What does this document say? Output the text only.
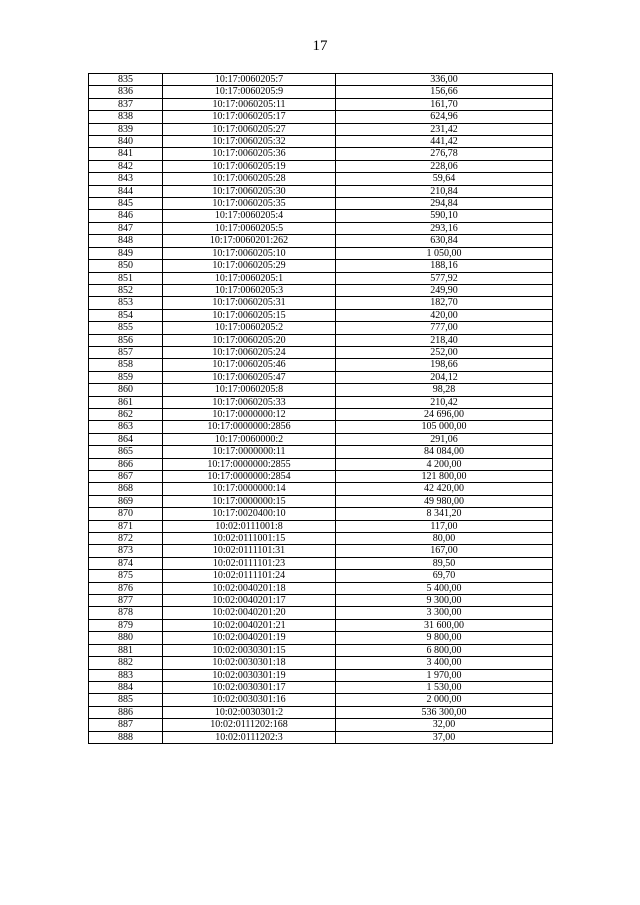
17
835	10:17:0060205:7	336,00
836	10:17:0060205:9	156,66
837	10:17:0060205:11	161,70
838	10:17:0060205:17	624,96
839	10:17:0060205:27	231,42
840	10:17:0060205:32	441,42
841	10:17:0060205:36	276,78
842	10:17:0060205:19	228,06
843	10:17:0060205:28	59,64
844	10:17:0060205:30	210,84
845	10:17:0060205:35	294,84
846	10:17:0060205:4	590,10
847	10:17:0060205:5	293,16
848	10:17:0060201:262	630,84
849	10:17:0060205:10	1 050,00
850	10:17:0060205:29	188,16
851	10:17:0060205:1	577,92
852	10:17:0060205:3	249,90
853	10:17:0060205:31	182,70
854	10:17:0060205:15	420,00
855	10:17:0060205:2	777,00
856	10:17:0060205:20	218,40
857	10:17:0060205:24	252,00
858	10:17:0060205:46	198,66
859	10:17:0060205:47	204,12
860	10:17:0060205:8	98,28
861	10:17:0060205:33	210,42
862	10:17:0000000:12	24 696,00
863	10:17:0000000:2856	105 000,00
864	10:17:0060000:2	291,06
865	10:17:0000000:11	84 084,00
866	10:17:0000000:2855	4 200,00
867	10:17:0000000:2854	121 800,00
868	10:17:0000000:14	42 420,00
869	10:17:0000000:15	49 980,00
870	10:17:0020400:10	8 341,20
871	10:02:0111001:8	117,00
872	10:02:0111001:15	80,00
873	10:02:0111101:31	167,00
874	10:02:0111101:23	89,50
875	10:02:0111101:24	69,70
876	10:02:0040201:18	5 400,00
877	10:02:0040201:17	9 300,00
878	10:02:0040201:20	3 300,00
879	10:02:0040201:21	31 600,00
880	10:02:0040201:19	9 800,00
881	10:02:0030301:15	6 800,00
882	10:02:0030301:18	3 400,00
883	10:02:0030301:19	1 970,00
884	10:02:0030301:17	1 530,00
885	10:02:0030301:16	2 000,00
886	10:02:0030301:2	536 300,00
887	10:02:0111202:168	32,00
888	10:02:0111202:3	37,00
